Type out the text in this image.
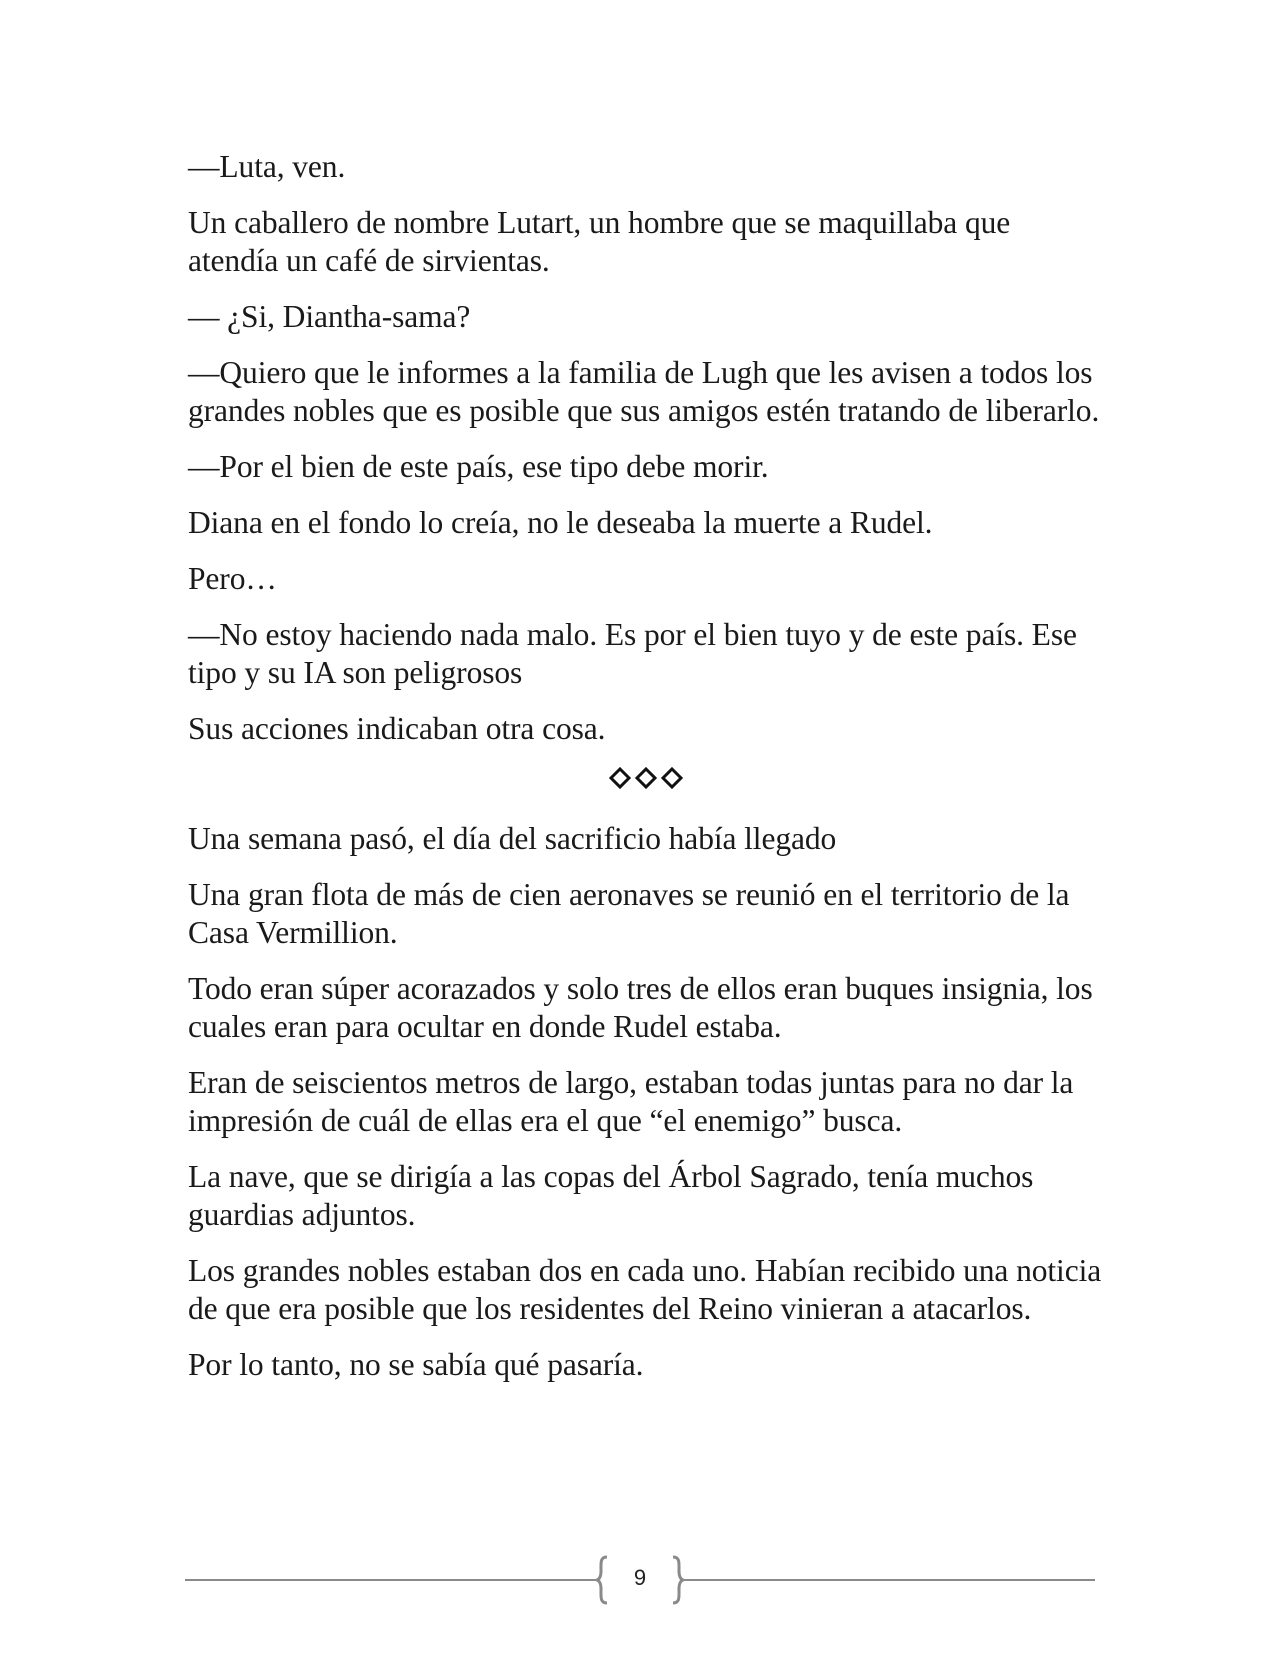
—Luta, ven.

Un caballero de nombre Lutart, un hombre que se maquillaba que atendía un café de sirvientas.

— ¿Si, Diantha-sama?

—Quiero que le informes a la familia de Lugh que les avisen a todos los grandes nobles que es posible que sus amigos estén tratando de liberarlo.

—Por el bien de este país, ese tipo debe morir.

Diana en el fondo lo creía, no le deseaba la muerte a Rudel.

Pero…

—No estoy haciendo nada malo. Es por el bien tuyo y de este país. Ese tipo y su IA son peligrosos

Sus acciones indicaban otra cosa.

Una semana pasó, el día del sacrificio había llegado

Una gran flota de más de cien aeronaves se reunió en el territorio de la Casa Vermillion.

Todo eran súper acorazados y solo tres de ellos eran buques insignia, los cuales eran para ocultar en donde Rudel estaba.

Eran de seiscientos metros de largo, estaban todas juntas para no dar la impresión de cuál de ellas era el que “el enemigo” busca.

La nave, que se dirigía a las copas del Árbol Sagrado, tenía muchos guardias adjuntos.

Los grandes nobles estaban dos en cada uno. Habían recibido una noticia de que era posible que los residentes del Reino vinieran a atacarlos.

Por lo tanto, no se sabía qué pasaría.

9
